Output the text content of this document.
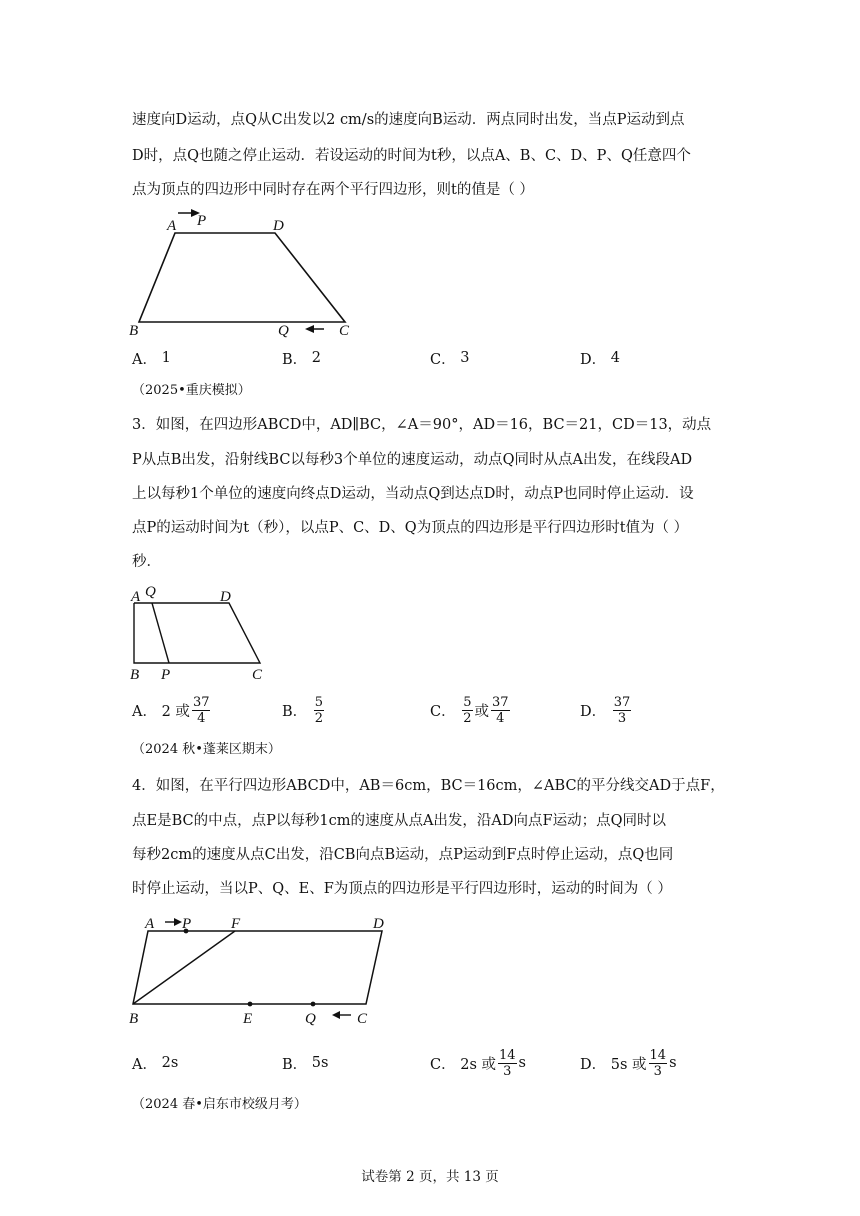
速度向D运动，点Q从C出发以2 cm/s的速度向B运动．两点同时出发，当点P运动到点
D时，点Q也随之停止运动．若设运动的时间为t秒，以点A、B、C、D、P、Q任意四个
点为顶点的四边形中同时存在两个平行四边形，则t的值是（ ）
A P	D
B	Q	C
A．
1	B．
2	C．
3	D．
4
（2025•重庆模拟）
3．如图，在四边形ABCD中，AD∥BC，∠A＝90°，AD＝16，BC＝21，CD＝13，动点
P从点B出发，沿射线BC以每秒3个单位的速度运动，动点Q同时从点A出发，在线段AD
上以每秒1个单位的速度向终点D运动，当动点Q到达点D时，动点P也同时停止运动．设
点P的运动时间为t（秒），以点P、C、D、Q为顶点的四边形是平行四边形时t值为（ ）
秒．
A Q	D
B P	C
A．
2 或 $\frac{37}{4}$	B．
$\frac{5}{2}$	C．
$\frac{5}{2}$ 或 $\frac{37}{4}$	D．
$\frac{37}{3}$
（2024 秋•蓬莱区期末）
4．如图，在平行四边形ABCD中，AB＝6cm，BC＝16cm，∠ABC的平分线交AD于点F，
点E是BC的中点，点P以每秒1cm的速度从点A出发，沿AD向点F运动；点Q同时以
每秒2cm的速度从点C出发，沿CB向点B运动，点P运动到F点时停止运动，点Q也同
时停止运动，当以P、Q、E、F为顶点的四边形是平行四边形时，运动的时间为（ ）
A P	F	D
B	E	Q	C
A．
2s	B．
5s	C．
2s 或 $\frac{14}{3}$ s	D．
5s 或 $\frac{14}{3}$ s
（2024 春•启东市校级月考）
试卷第 2 页，共 13 页
